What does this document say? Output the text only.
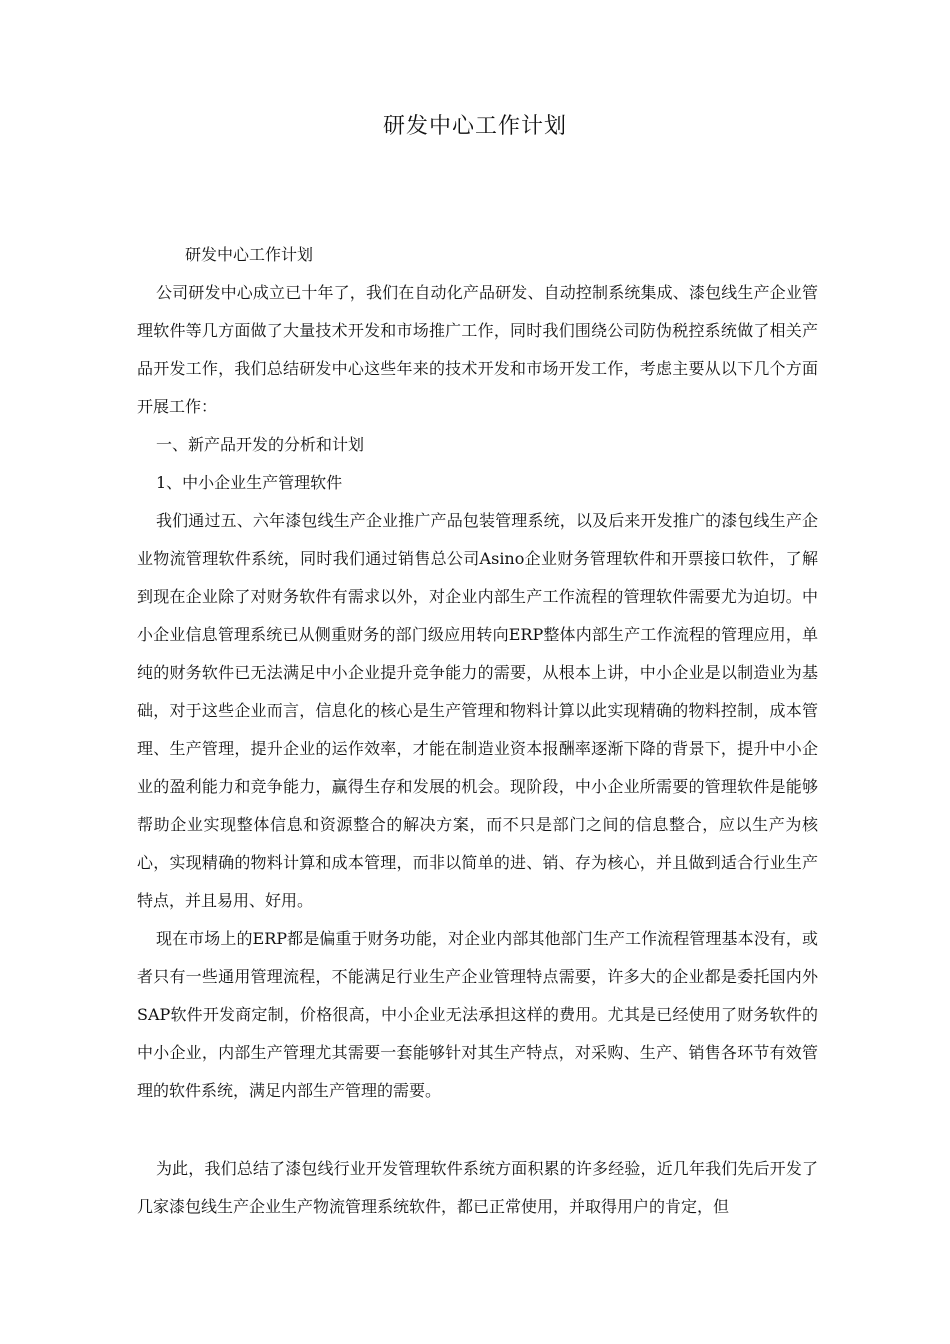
研发中心工作计划

研发中心工作计划

公司研发中心成立已十年了，我们在自动化产品研发、自动控制系统集成、漆包线生产企业管理软件等几方面做了大量技术开发和市场推广工作，同时我们围绕公司防伪税控系统做了相关产品开发工作，我们总结研发中心这些年来的技术开发和市场开发工作，考虑主要从以下几个方面开展工作：

一、新产品开发的分析和计划

1、中小企业生产管理软件

我们通过五、六年漆包线生产企业推广产品包装管理系统，以及后来开发推广的漆包线生产企业物流管理软件系统，同时我们通过销售总公司Asino企业财务管理软件和开票接口软件，了解到现在企业除了对财务软件有需求以外，对企业内部生产工作流程的管理软件需要尤为迫切。中小企业信息管理系统已从侧重财务的部门级应用转向ERP整体内部生产工作流程的管理应用，单纯的财务软件已无法满足中小企业提升竞争能力的需要，从根本上讲，中小企业是以制造业为基础，对于这些企业而言，信息化的核心是生产管理和物料计算以此实现精确的物料控制，成本管理、生产管理，提升企业的运作效率，才能在制造业资本报酬率逐渐下降的背景下，提升中小企业的盈利能力和竞争能力，赢得生存和发展的机会。现阶段，中小企业所需要的管理软件是能够帮助企业实现整体信息和资源整合的解决方案，而不只是部门之间的信息整合，应以生产为核心，实现精确的物料计算和成本管理，而非以简单的进、销、存为核心，并且做到适合行业生产特点，并且易用、好用。

现在市场上的ERP都是偏重于财务功能，对企业内部其他部门生产工作流程管理基本没有，或者只有一些通用管理流程，不能满足行业生产企业管理特点需要，许多大的企业都是委托国内外SAP软件开发商定制，价格很高，中小企业无法承担这样的费用。尤其是已经使用了财务软件的中小企业，内部生产管理尤其需要一套能够针对其生产特点，对采购、生产、销售各环节有效管理的软件系统，满足内部生产管理的需要。

为此，我们总结了漆包线行业开发管理软件系统方面积累的许多经验，近几年我们先后开发了几家漆包线生产企业生产物流管理系统软件，都已正常使用，并取得用户的肯定，但
